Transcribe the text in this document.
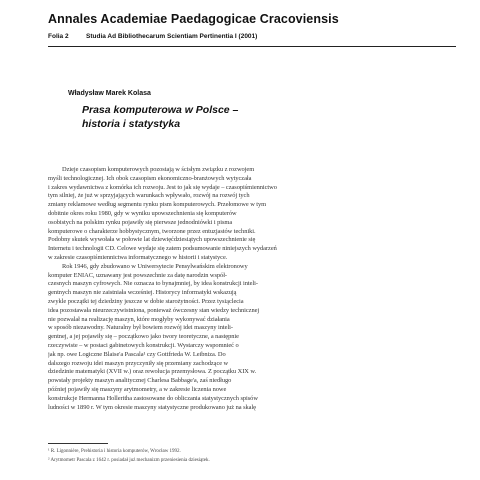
Annales Academiae Paedagogicae Cracoviensis
Folia 2	Studia Ad Bibliothecarum Scientiam Pertinentia I (2001)
Władysław Marek Kolasa
Prasa komputerowa w Polsce –
historia i statystyka
Dzieje czasopism komputerowych pozostają w ścisłym związku z rozwojem
myśli technologicznej. Ich obok czasopism ekonomiczno-branżowych wytyczała
i zakres wydawnictwa z komórka ich rozwoju. Jest to jak się wydaje – czasopiśmiennictwo
tym silniej, że już w sprzyjających warunkach wpływało, rozwój na rozwój tych
zmiany reklamowe według segmentu rynku pism komputerowych. Przełomowe w tym
dobitnie okres roku 1980, gdy w wyniku upowszechnienia się komputerów
osobistych na polskim rynku pojawiły się pierwsze jednodniówki i pisma
komputerowe o charakterze hobbystycznym, tworzone przez entuzjastów techniki.
Podobny skutek wywołała w połowie lat dziewięćdziesiątych upowszechnienie się
Internetu i technologii CD. Celowe wydaje się zatem podsumowanie niniejszych wydarzeń
w zakresie czasopiśmiennictwa informatycznego w historii i statystyce.
Rok 1946, gdy zbudowano w Uniwersytecie Pensylwańskim elektronowy
komputer ENIAC, uznawany jest powszechnie za datę narodzin współ-
czesnych maszyn cyfrowych. Nie oznacza to bynajmniej, by idea konstrukcji inteli-
gentnych maszyn nie zaistniała wcześniej. Historycy informatyki wskazują
zwykle początki tej dziedziny jeszcze w dobie starożytności. Przez tysiąclecia
idea pozostawała nieurzeczywistniona, ponieważ ówczesny stan wiedzy technicznej
nie pozwalał na realizację maszyn, które mogłyby wykonywać działania
w sposób niezawodny. Naturalny był bowiem rozwój idei maszyny inteli-
gentnej, a jej pojawiły się – początkowo jako twory teoretyczne, a następnie
rzeczywiste – w postaci gabinetowych konstrukcji. Wystarczy wspomnieć o
jak np. owe Logiczne Blaise'a Pascala¹ czy Gottfrieda W. Leibniza. Do
dalszego rozwoju idei maszyn przyczyniły się przemiany zachodzące w
dziedzinie matematyki (XVII w.) oraz rewolucja przemysłowa. Z początku XIX w.
powstały projekty maszyn analitycznej Charlesa Babbage'a, zaś niedługo
później pojawiły się maszyny arytmometry, a w zakresie liczenia nowe
konstrukcje Hermanna Holleritha zastosowane do obliczania statystycznych spisów
ludności w 1890 r. W tym okresie maszyny statystyczne produkowano już na skalę
¹ R. Ligonnière, Prehistoria i historia komputerów, Wrocław 1992.
² Arytmometr Pascala z 1642 r. posiadał już mechanizm przeniesienia dziesiątek.
